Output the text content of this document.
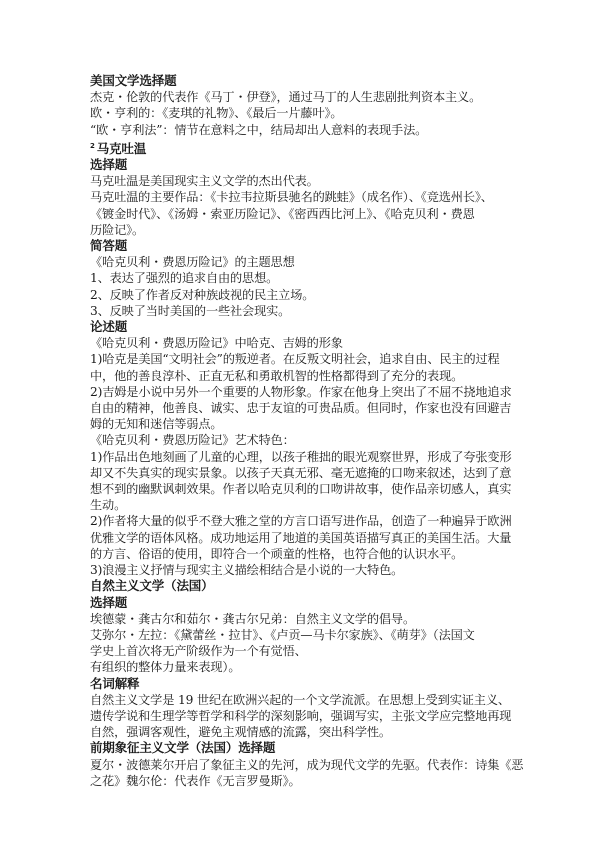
美国文学选择题
杰克・伦敦的代表作《马丁・伊登》，通过马丁的人生悲剧批判资本主义。
欧・亨利的：《麦琪的礼物》、《最后一片藤叶》。
“欧・亨利法”：情节在意料之中，结局却出人意料的表现手法。
$^2$ 马克吐温
选择题
马克吐温是美国现实主义文学的杰出代表。
马克吐温的主要作品：《卡拉韦拉斯县驰名的跳蛙》（成名作）、《竞选州长》、
《镀金时代》、《汤姆・索亚历险记》、《密西西比河上》、《哈克贝利・费恩
历险记》。
简答题
《哈克贝利・费恩历险记》的主题思想
1、表达了强烈的追求自由的思想。
2、反映了作者反对种族歧视的民主立场。
3、反映了当时美国的一些社会现实。
论述题
《哈克贝利・费恩历险记》中哈克、吉姆的形象
1)哈克是美国“文明社会”的叛逆者。在反叛文明社会，追求自由、民主的过程
中，他的善良淳朴、正直无私和勇敢机智的性格都得到了充分的表现。
2)吉姆是小说中另外一个重要的人物形象。作家在他身上突出了不屈不挠地追求
自由的精神，他善良、诚实、忠于友谊的可贵品质。但同时，作家也没有回避吉
姆的无知和迷信等弱点。
《哈克贝利・费恩历险记》艺术特色：
1)作品出色地刻画了儿童的心理，以孩子稚拙的眼光观察世界，形成了夸张变形
却又不失真实的现实景象。以孩子天真无邪、毫无遮掩的口吻来叙述，达到了意
想不到的幽默讽刺效果。作者以哈克贝利的口吻讲故事，使作品亲切感人，真实
生动。
2)作者将大量的似乎不登大雅之堂的方言口语写进作品，创造了一种遍异于欧洲
优雅文学的语体风格。成功地运用了地道的美国英语描写真正的美国生活。大量
的方言、俗语的使用，即符合一个顽童的性格，也符合他的认识水平。
3)浪漫主义抒情与现实主义描绘相结合是小说的一大特色。
自然主义文学（法国）
选择题
埃德蒙・龚古尔和茹尔・龚古尔兄弟：自然主义文学的倡导。
艾弥尔・左拉：《黛蕾丝・拉甘》、《卢贡—马卡尔家族》、《萌芽》（法国文
学史上首次将无产阶级作为一个有觉悟、
有组织的整体力量来表现）。
名词解释
自然主义文学是 19 世纪在欧洲兴起的一个文学流派。在思想上受到实证主义、
遗传学说和生理学等哲学和科学的深刻影响，强调写实，主张文学应完整地再现
自然，强调客观性，避免主观情感的流露，突出科学性。
前期象征主义文学（法国）选择题
夏尔・波德莱尔开启了象征主义的先河，成为现代文学的先驱。代表作：诗集《恶
之花》魏尔伦：代表作《无言罗曼斯》。
